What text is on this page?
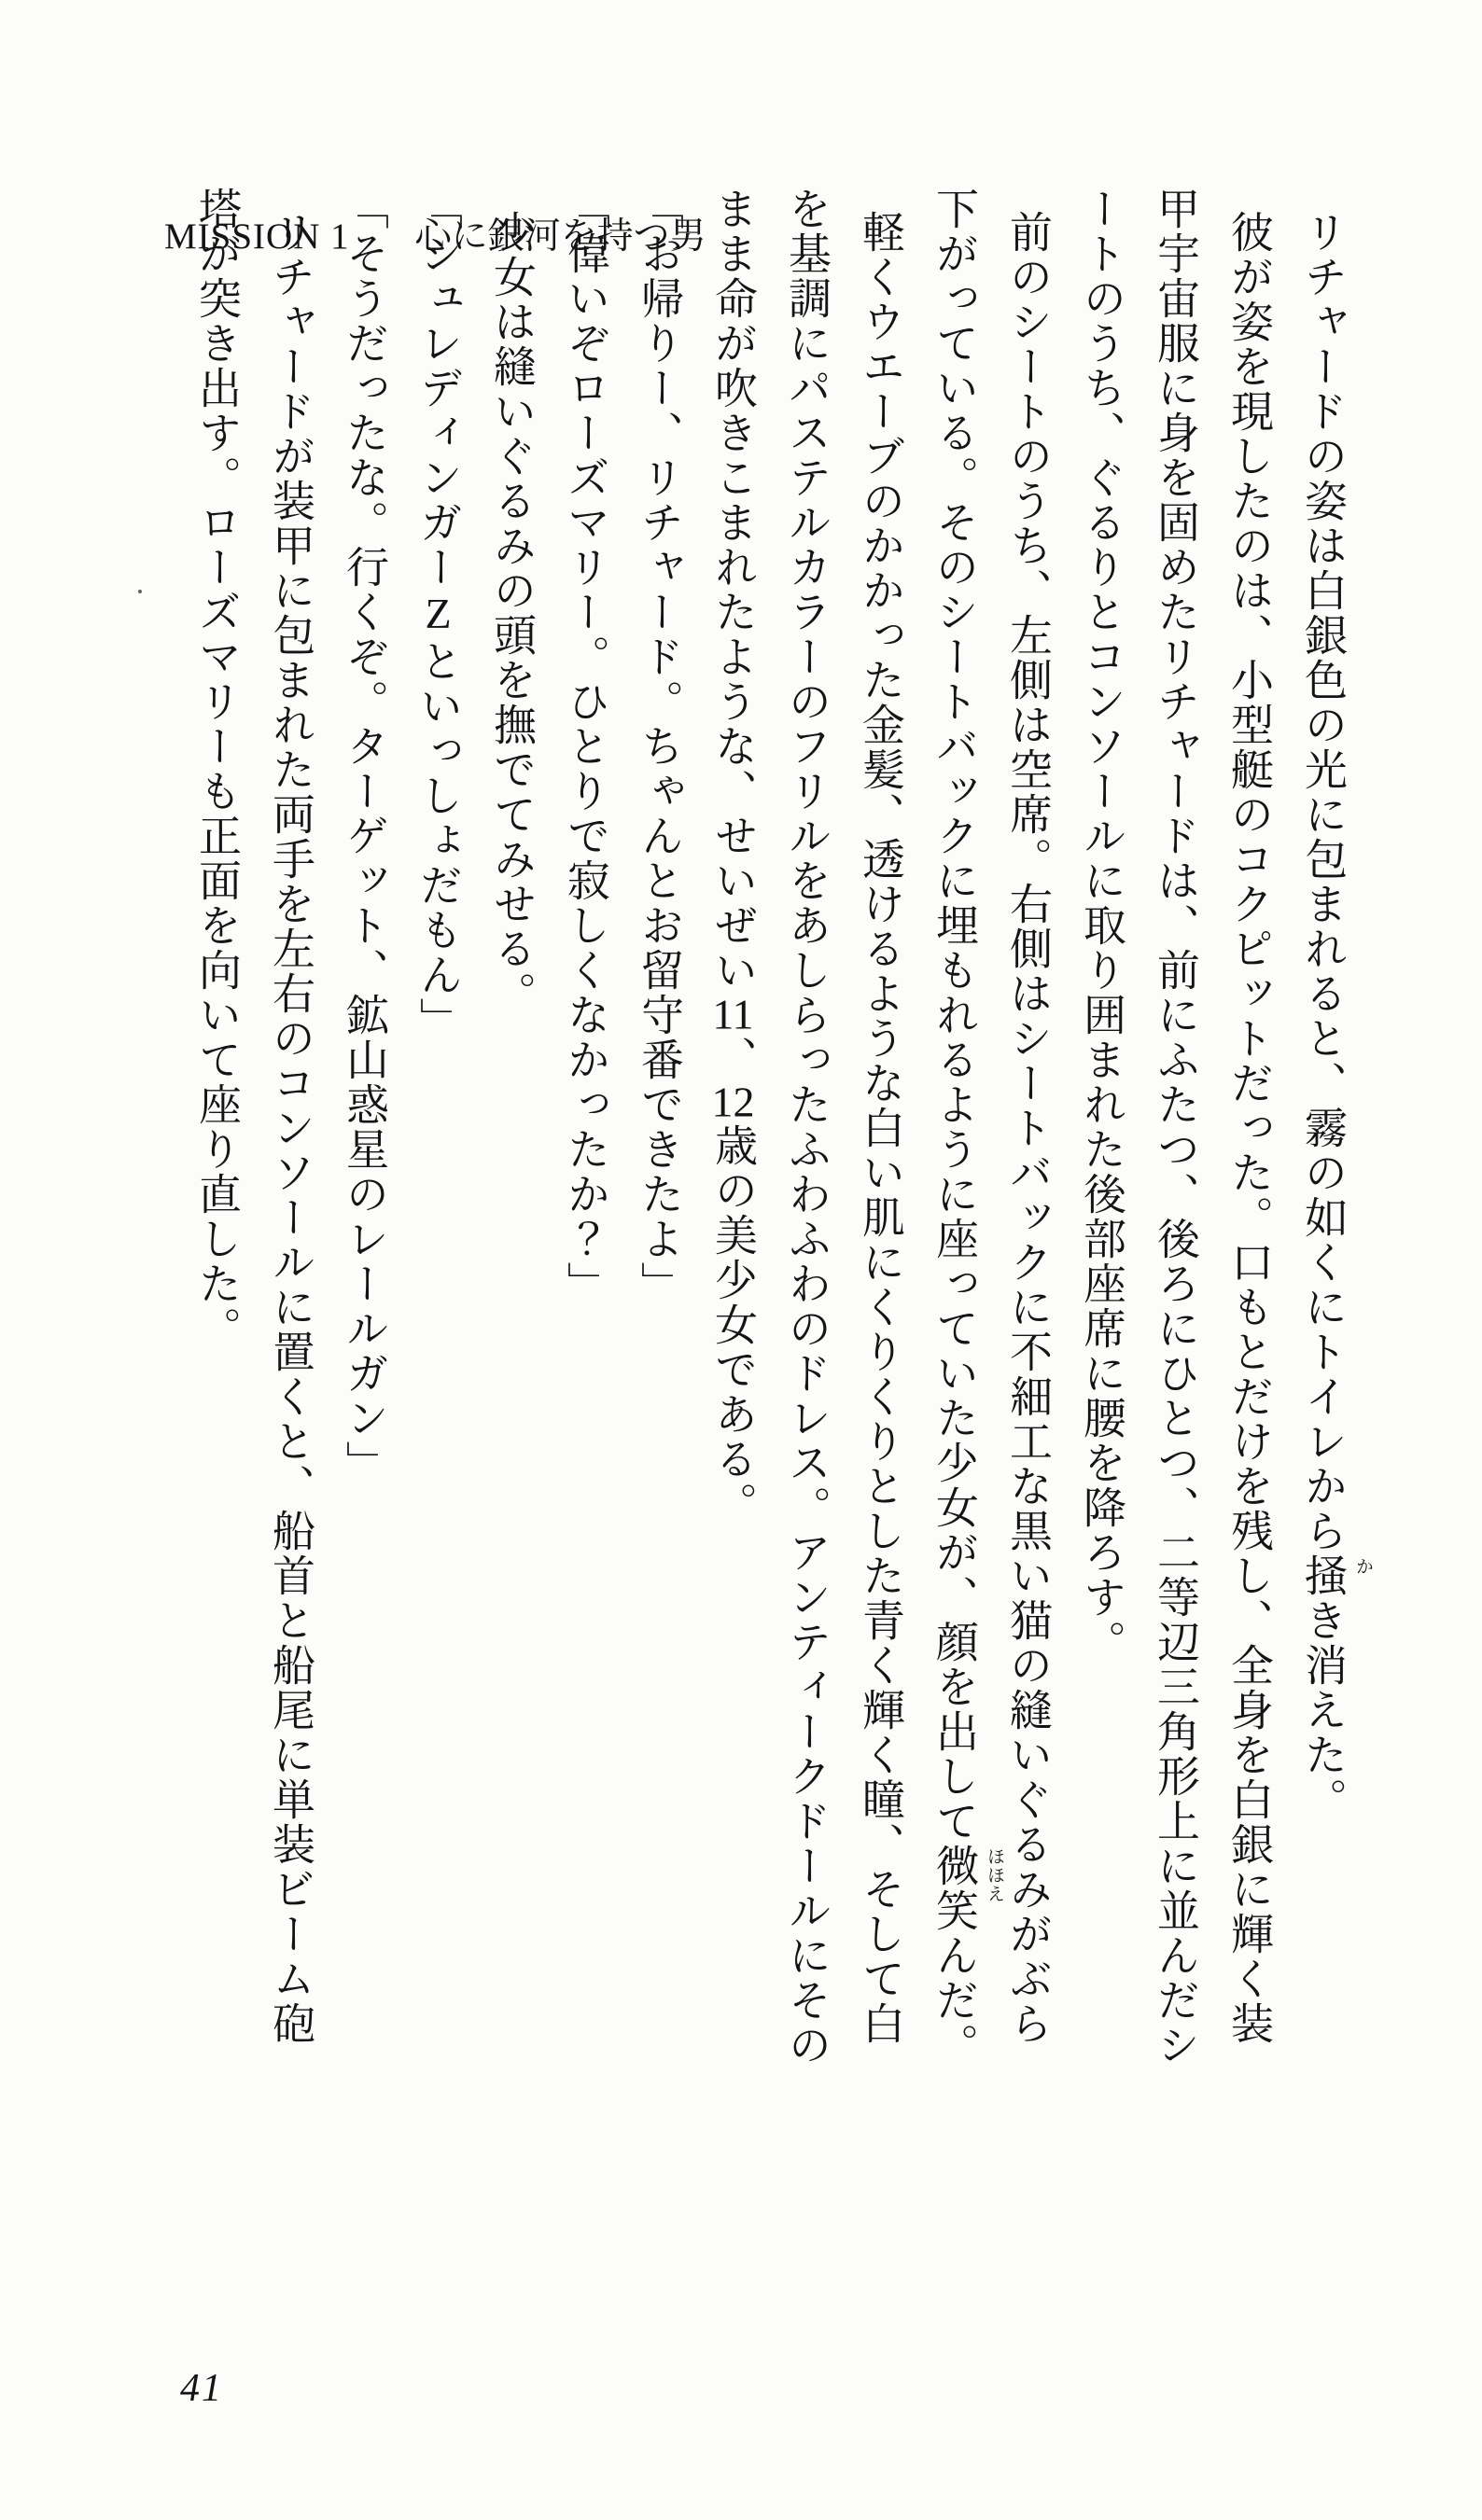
MISSION 1 心に銀河を持つ男	リチャードの姿は白銀色の光に包まれると、霧の如くにトイレから掻 か
き消えた。
彼が姿を現したのは、小型艇のコクピットだった。口もとだけを残し、全身を白銀に輝く装
甲宇宙服に身を固めたリチャードは、前にふたつ、後ろにひとつ、二等辺三角形上に並んだシ
ートのうち、ぐるりとコンソールに取り囲まれた後部座席に腰を降ろす。
前のシートのうち、左側は空席。右側はシートバックに不細工な黒い猫の縫いぐるみがぶら
下がっている。そのシートバックに埋もれるように座っていた少女が、顔を出して微笑 ほほえ
んだ。
軽くウエーブのかかった金髪、透けるような白い肌にくりくりとした青く輝く瞳、そして白
を基調にパステルカラーのフリルをあしらったふわふわのドレス。アンティークドールにその
まま命が吹きこまれたような、せいぜい11、12歳の美少女である。
「お帰りー、リチャード。ちゃんとお留守番できたよ」
「偉いぞローズマリー。ひとりで寂しくなかったか？」
少女は縫いぐるみの頭を撫でてみせる。
「シュレディンガーZといっしょだもん」
「そうだったな。行くぞ。ターゲット、鉱山惑星のレールガン」
リチャードが装甲に包まれた両手を左右のコンソールに置くと、船首と船尾に単装ビーム砲
塔が突き出す。ローズマリーも正面を向いて座り直した。
41
